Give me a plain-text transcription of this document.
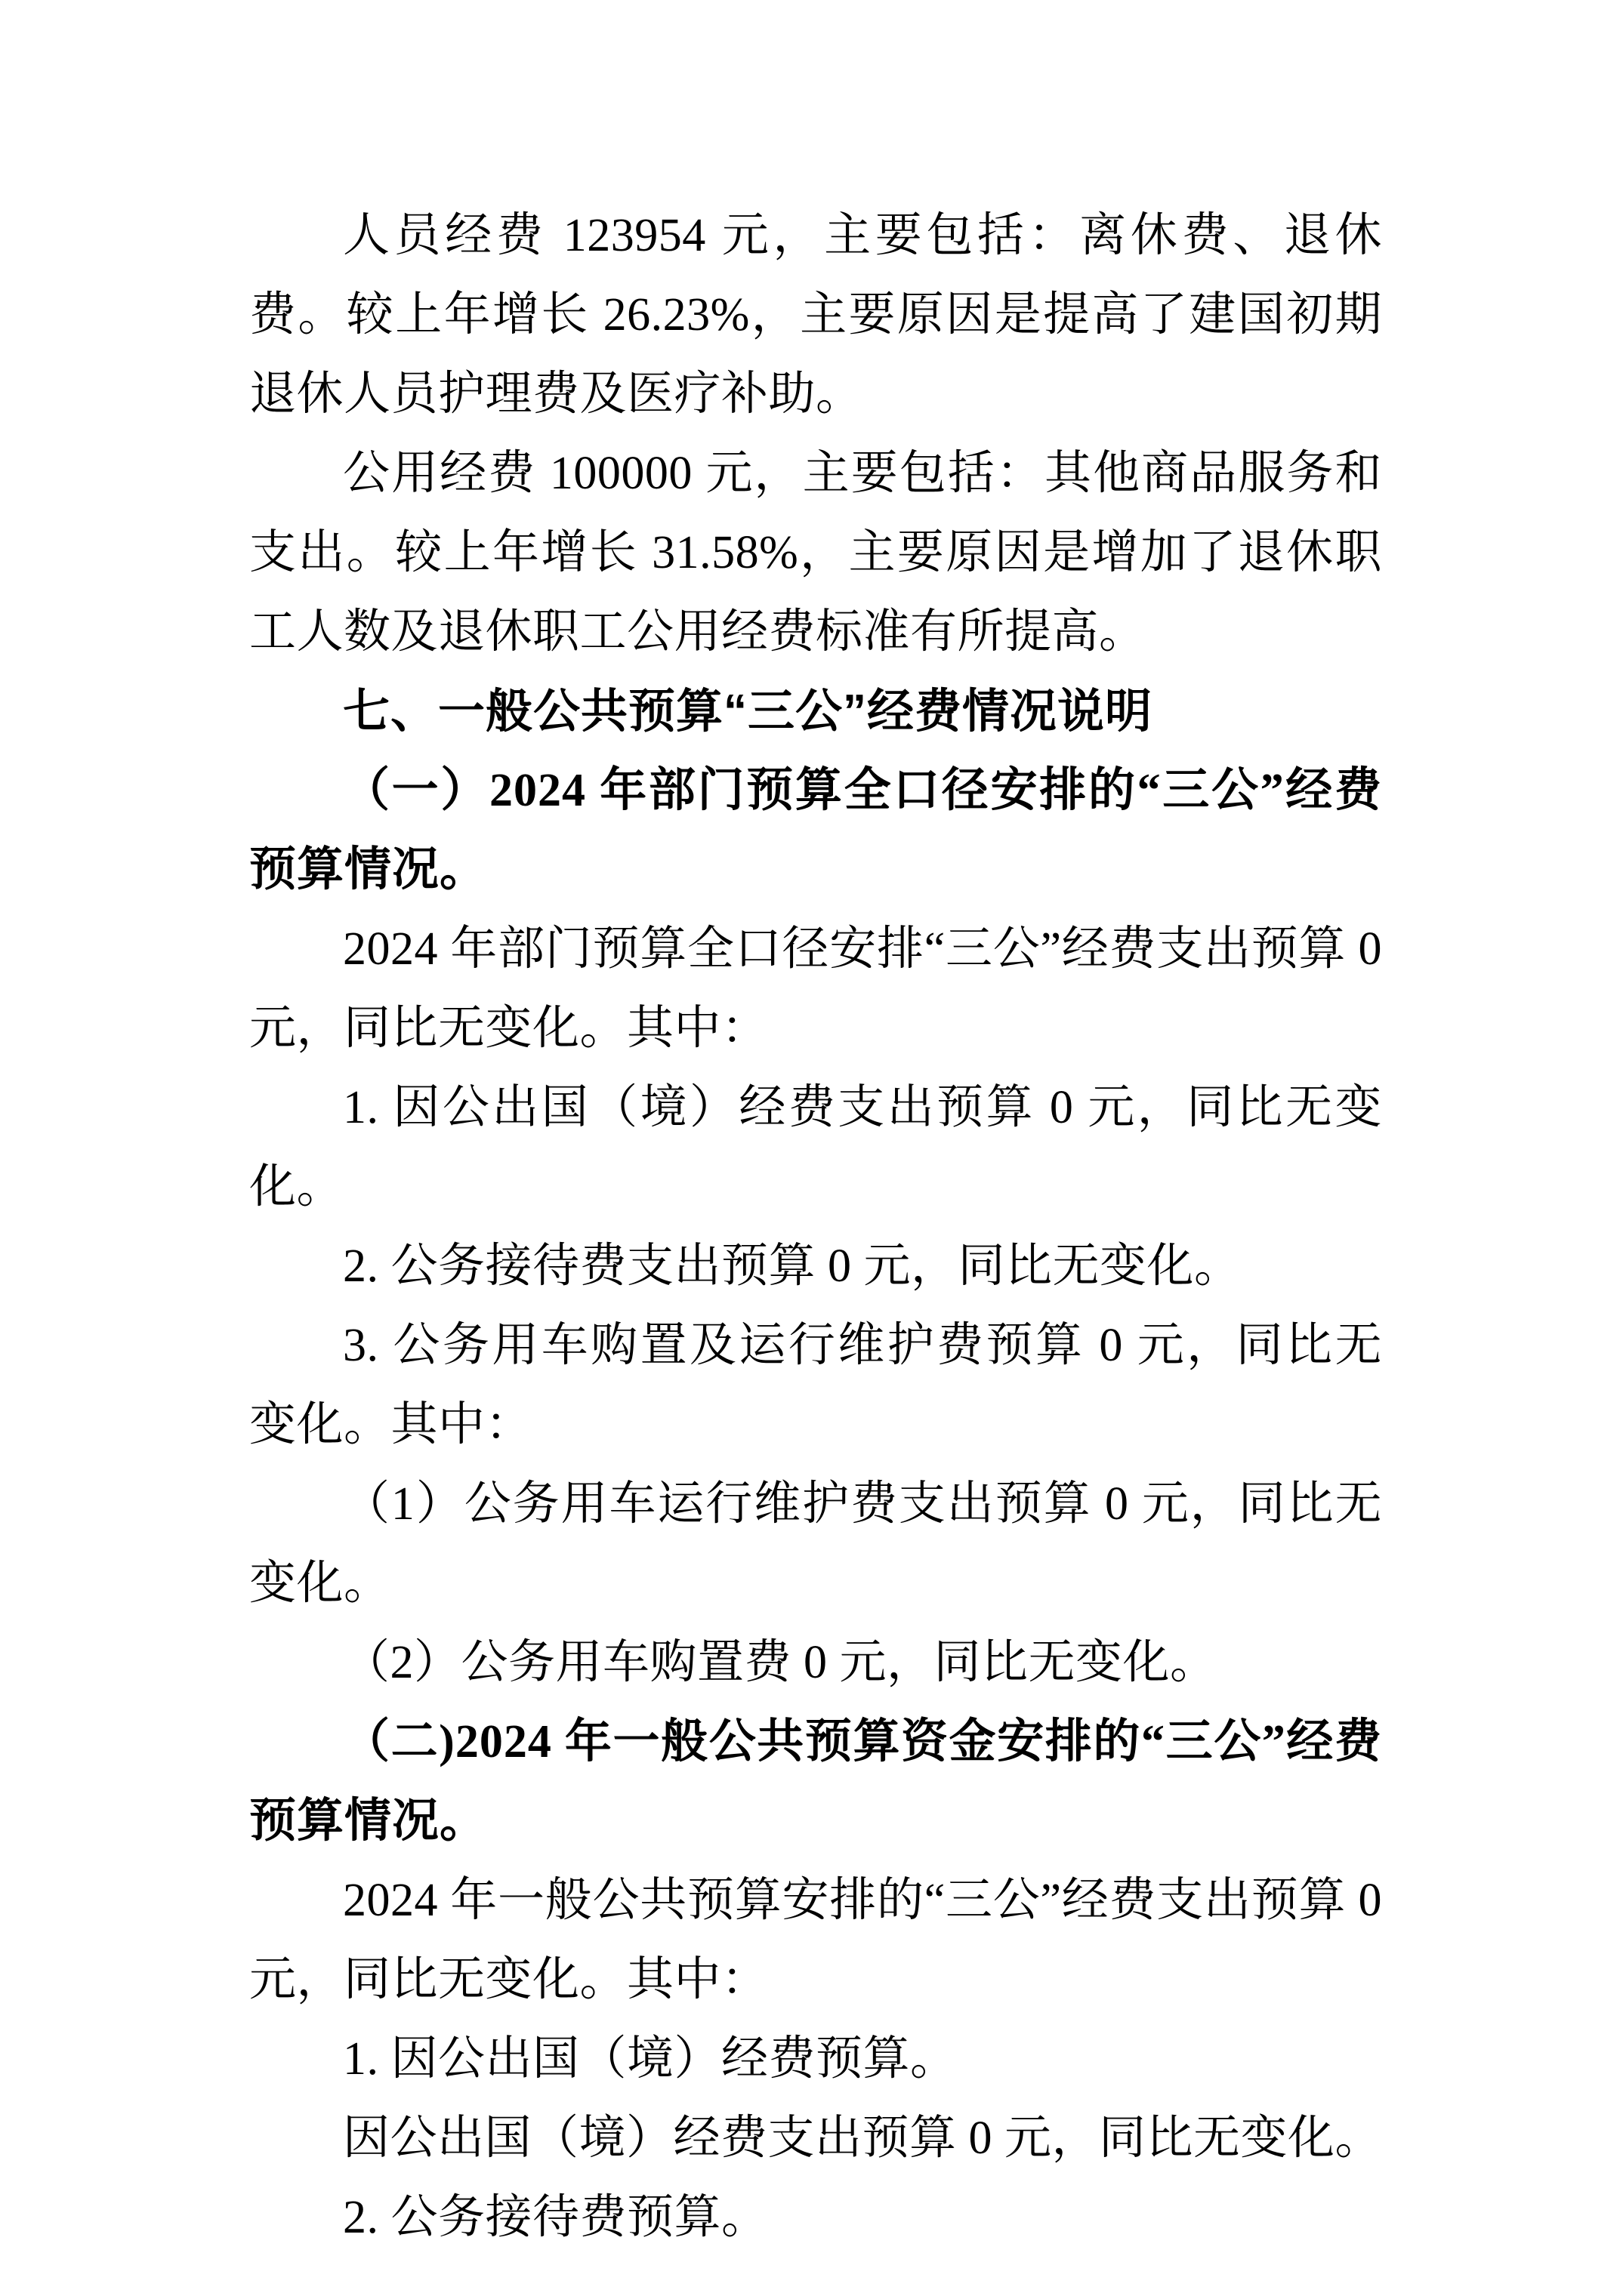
人员经费 123954 元，主要包括：离休费、退休费。较上年增长 26.23%，主要原因是提高了建国初期退休人员护理费及医疗补助。

公用经费 100000 元，主要包括：其他商品服务和支出。较上年增长 31.58%，主要原因是增加了退休职工人数及退休职工公用经费标准有所提高。

七、一般公共预算“三公”经费情况说明

（一）2024 年部门预算全口径安排的“三公”经费预算情况。

2024 年部门预算全口径安排“三公”经费支出预算 0 元，同比无变化。其中：

1. 因公出国（境）经费支出预算 0 元，同比无变化。

2. 公务接待费支出预算 0 元，同比无变化。

3. 公务用车购置及运行维护费预算 0 元，同比无变化。其中：

（1）公务用车运行维护费支出预算 0 元，同比无变化。

（2）公务用车购置费 0 元，同比无变化。

（二)2024 年一般公共预算资金安排的“三公”经费预算情况。

2024 年一般公共预算安排的“三公”经费支出预算 0 元，同比无变化。其中：

1. 因公出国（境）经费预算。

因公出国（境）经费支出预算 0 元，同比无变化。

2. 公务接待费预算。
